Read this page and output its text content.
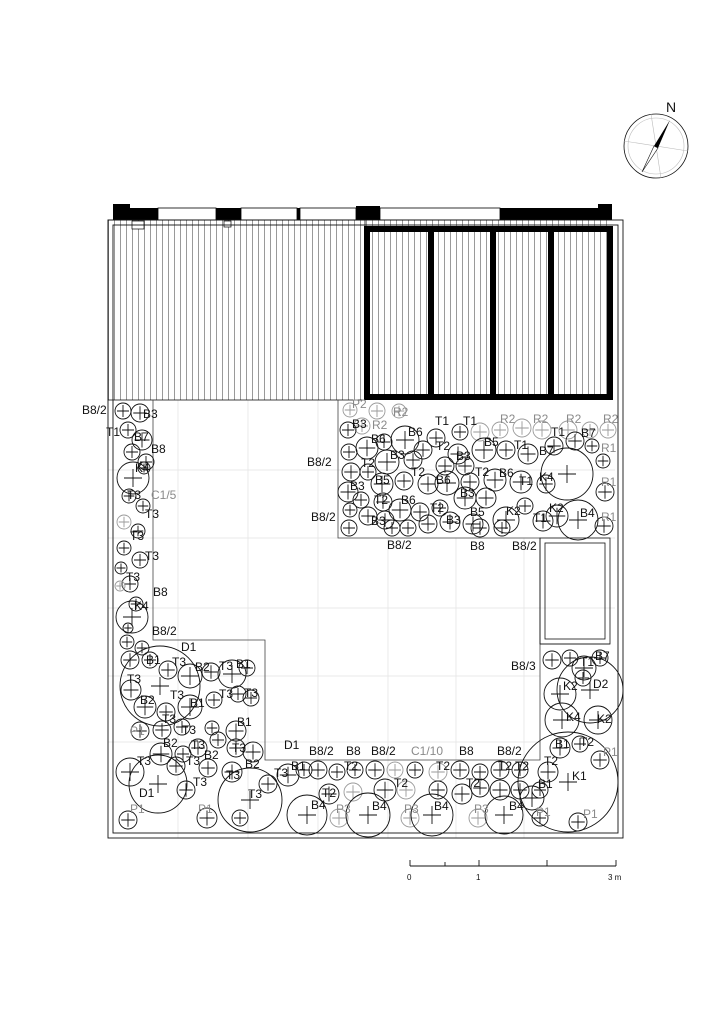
B8/2	B3
T1 B7
B8
K4
T3 C1/5
T3
T3
T3
T3
B8
K4
B8/2
D1
B1 T3 B2 T3 B1
T3
T3	T3 T3
B2	B1
T3	B1
P1	T3
B2 T3 T3	D1
B2
T3	T3	B2
T3	T3
T3
D1	T3
P1	P1
B8/2 B8 B8/2 C1/10 B8 B8/2
B1	T2	T2	T2 T2
T2
T2	T2
B4 P3 B4 P3 B4 P3 B4 P1	P1
B8/3
B7
T1
K2 D2
K4 K2
B1 T2
P1
T2
K1
B1
P2
R2
R2
B3	T1 T1 R2 R2 R2 R2
B6 B6	B7
T2	B5 T1
T1
R1
B3	B3	B7
B8/2 T2
T2	T2 B6 K4
T1	R1
B3 B5	B6
B3
T2 B6
T2 B5 K2 K2
T1	B4 R1
B8/2	B3	B3
B8/2	B8 B8/2
N
0	1	3 m
